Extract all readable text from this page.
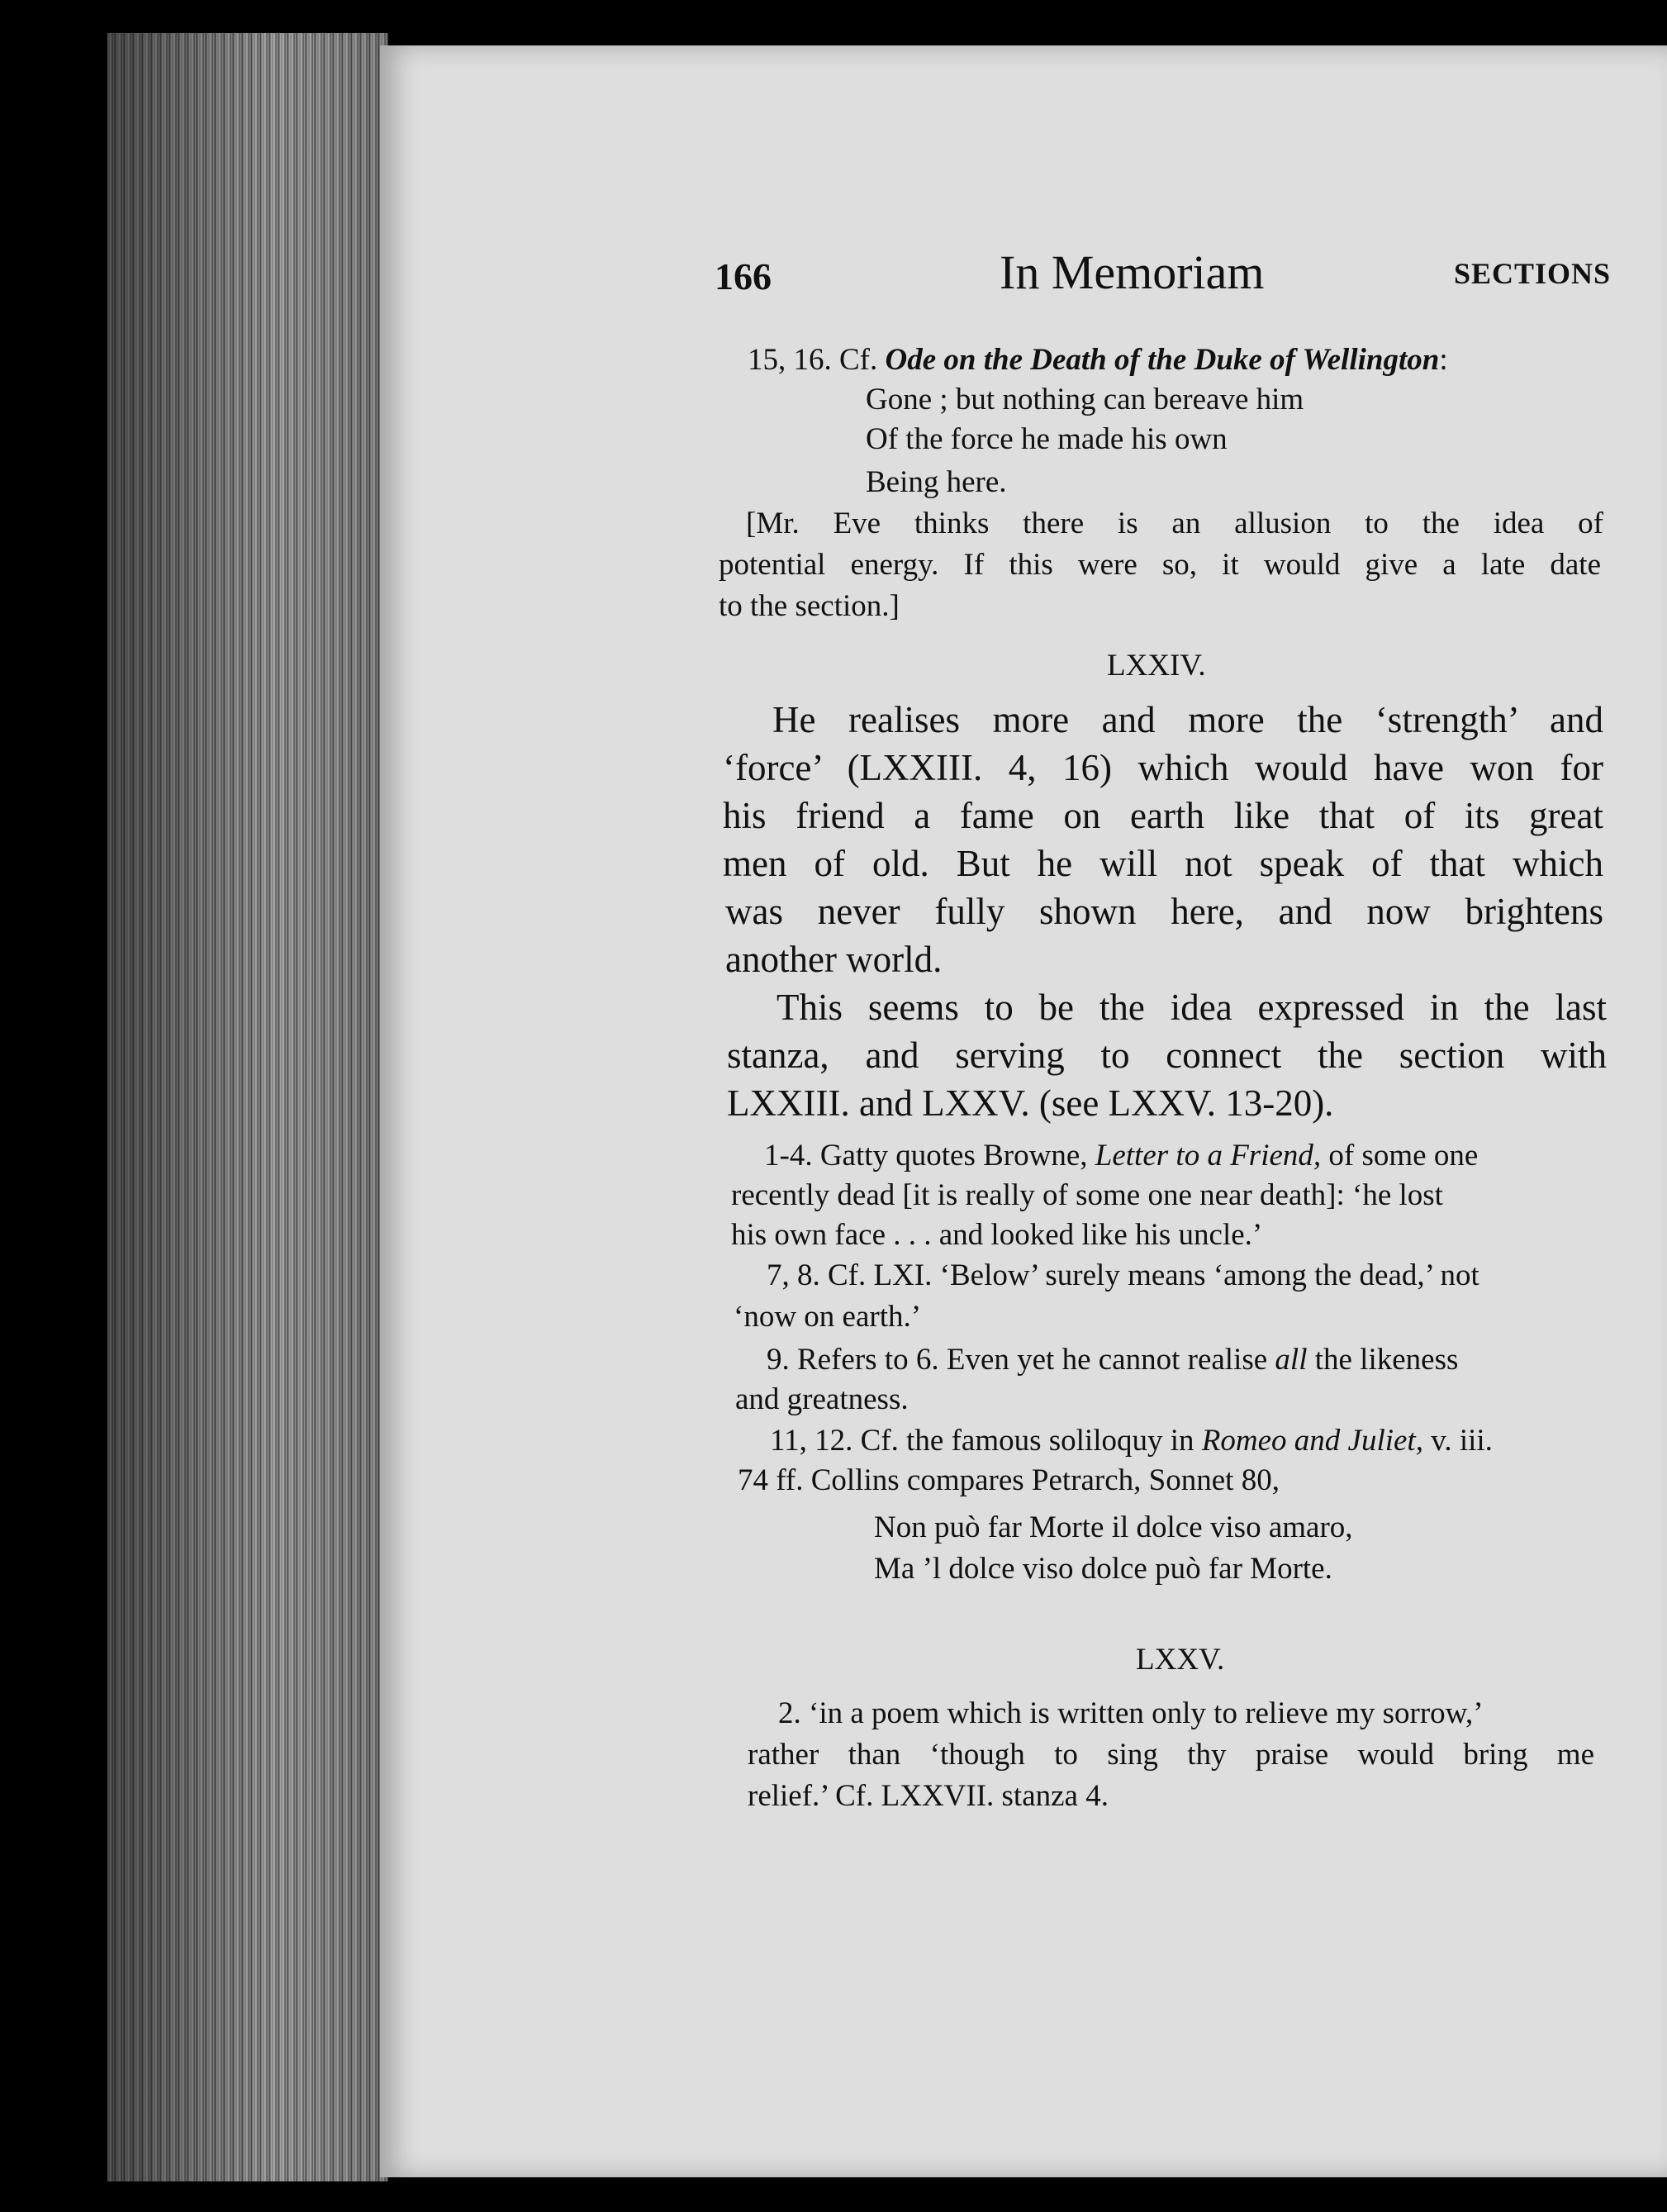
166	In Memoriam	SECTIONS
15, 16. Cf. Ode on the Death of the Duke of Wellington:
Gone ; but nothing can bereave him
Of the force he made his own
Being here.
[Mr. Eve thinks there is an allusion to the idea of
potential energy. If this were so, it would give a late date
to the section.]
LXXIV.
He realises more and more the ‘strength’ and
‘force’ (LXXIII. 4, 16) which would have won for
his friend a fame on earth like that of its great
men of old. But he will not speak of that which
was never fully shown here, and now brightens
another world.
This seems to be the idea expressed in the last
stanza, and serving to connect the section with
LXXIII. and LXXV. (see LXXV. 13-20).
1-4. Gatty quotes Browne, Letter to a Friend, of some one
recently dead [it is really of some one near death]: ‘he lost
his own face . . . and looked like his uncle.’
7, 8. Cf. LXI. ‘Below’ surely means ‘among the dead,’ not
‘now on earth.’
9. Refers to 6. Even yet he cannot realise all the likeness
and greatness.
11, 12. Cf. the famous soliloquy in Romeo and Juliet, v. iii.
74 ff. Collins compares Petrarch, Sonnet 80,
Non può far Morte il dolce viso amaro,
Ma ’l dolce viso dolce può far Morte.
LXXV.
2. ‘in a poem which is written only to relieve my sorrow,’
rather than ‘though to sing thy praise would bring me
relief.’ Cf. LXXVII. stanza 4.
